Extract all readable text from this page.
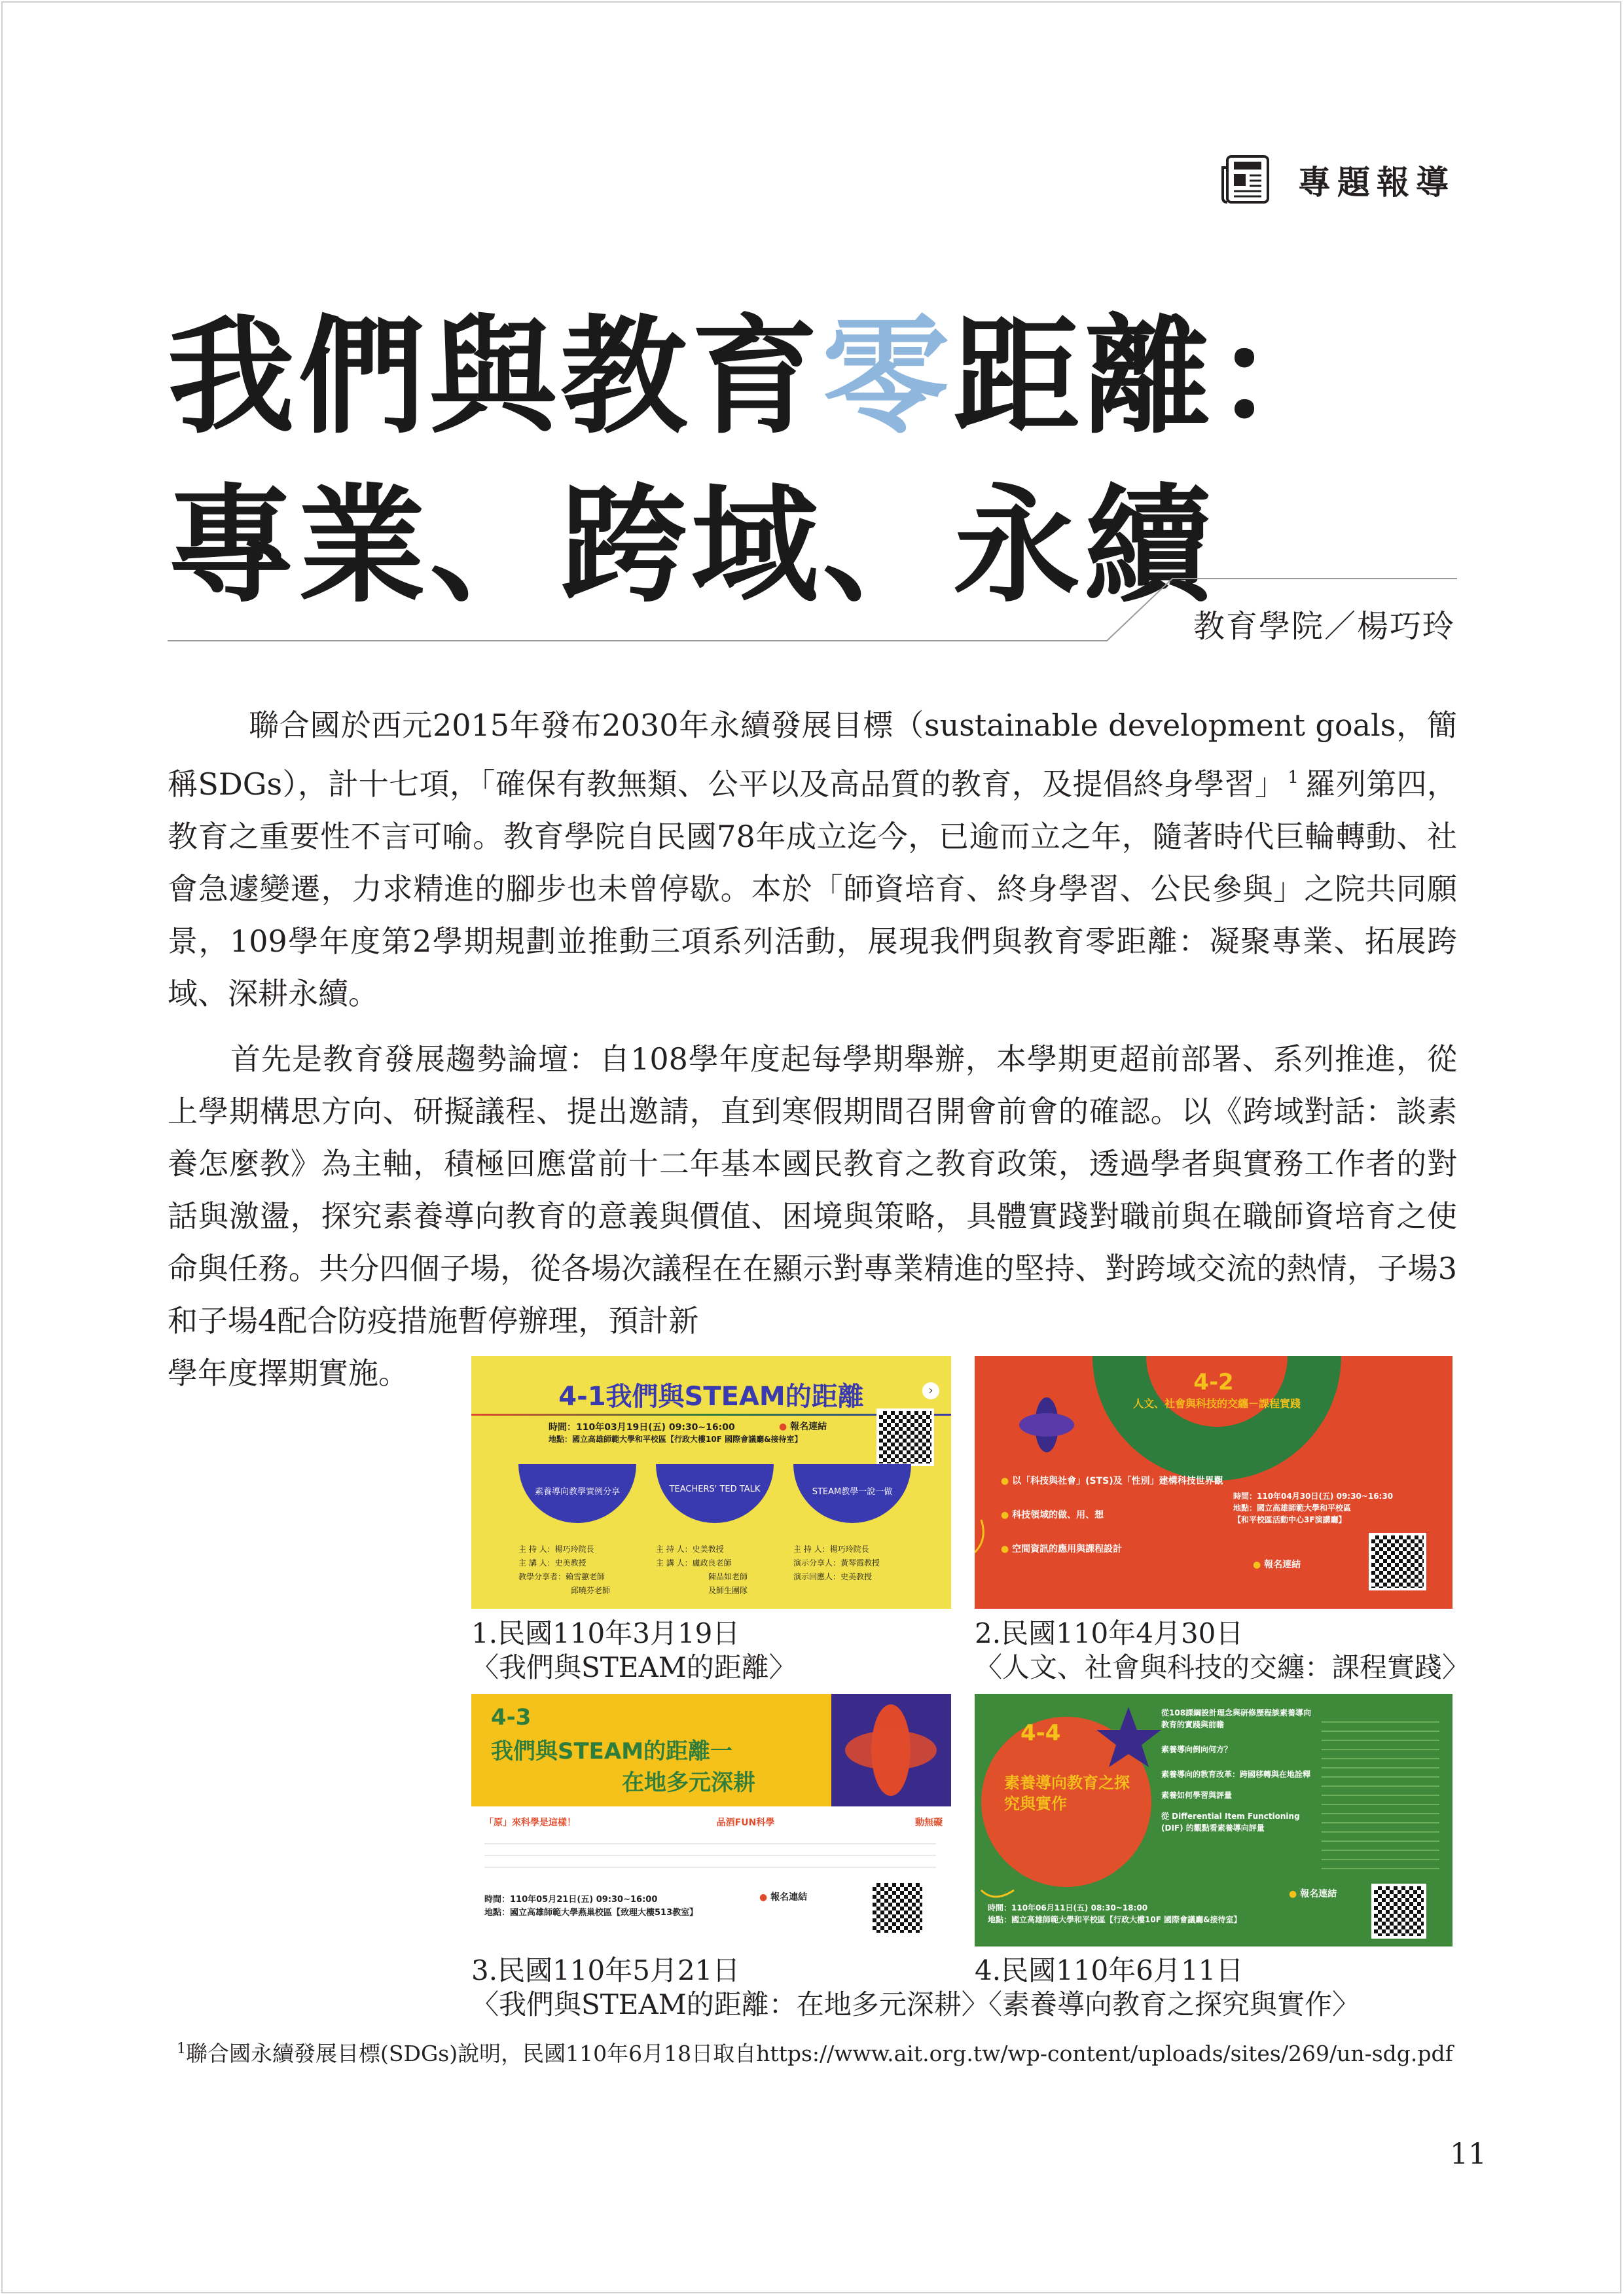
專題報導
我們與教育零距離：
專業、跨域、永續
教育學院／楊巧玲

聯合國於西元2015年發布2030年永續發展目標（sustainable development goals，簡稱SDGs），計十七項，「確保有教無類、公平以及高品質的教育，及提倡終身學習」 $^1$ 羅列第四，教育之重要性不言可喻。教育學院自民國78年成立迄今，已逾而立之年，隨著時代巨輪轉動、社會急遽變遷，力求精進的腳步也未曾停歇。本於「師資培育、終身學習、公民參與」之院共同願景，109學年度第2學期規劃並推動三項系列活動，展現我們與教育零距離：凝聚專業、拓展跨域、深耕永續。

首先是教育發展趨勢論壇：自108學年度起每學期舉辦，本學期更超前部署、系列推進，從上學期構思方向、研擬議程、提出邀請，直到寒假期間召開會前會的確認。以《跨域對話：談素養怎麼教》為主軸，積極回應當前十二年基本國民教育之教育政策，透過學者與實務工作者的對話與激盪，探究素養導向教育的意義與價值、困境與策略，具體實踐對職前與在職師資培育之使命與任務。共分四個子場，從各場次議程在在顯示對專業精進的堅持、對跨域交流的熱情，子場3和子場4配合防疫措施暫停辦理，預計新

學年度擇期實施。

4-1我們與STEAM的距離	›
時間：110年03月19日(五) 09:30~16:00
地點：國立高雄師範大學和平校區【行政大樓10F 國際會議廳&接待室】
● 報名連結
素養導向教學實例分享	TEACHERS' TED TALK	STEAM教學一說一做
主 持 人：楊巧玲院長
主 講 人：史美教授
教學分享者：賴雪蕙老師
邱曉芬老師
主 持 人：史美教授
主 講 人：盧政良老師
陳品如老師
及師生團隊
主 持 人：楊巧玲院長
演示分享人：黃琴霞教授
演示回應人：史美教授
1.民國110年3月19日
〈我們與STEAM的距離〉
4-2
人文、社會與科技的交纏－課程實踐
● 以「科技與社會」(STS)及「性別」建構科技世界觀
● 科技領域的做、用、想
● 空間資訊的應用與課程設計
時間：110年04月30日(五) 09:30~16:30
地點：國立高雄師範大學和平校區
【和平校區活動中心3F演講廳】
● 報名連結
2.民國110年4月30日
〈人文、社會與科技的交纏：課程實踐〉
4-3
我們與STEAM的距離一
在地多元深耕
「原」來科學是這樣！	品酒FUN科學	動無礙
時間：110年05月21日(五) 09:30~16:00
地點：國立高雄師範大學燕巢校區【致理大樓513教室】
● 報名連結
3.民國110年5月21日
〈我們與STEAM的距離：在地多元深耕〉
4-4
素養導向教育之探究與實作
從108課綱設計理念與研修歷程談素養導向教育的實踐與前瞻
素養導向倒向何方？
素養導向的教育改革：跨國移轉與在地詮釋
素養如何學習與評量
從 Differential Item Functioning (DIF) 的觀點看素養導向評量
時間：110年06月11日(五) 08:30~18:00
地點：國立高雄師範大學和平校區【行政大樓10F 國際會議廳&接待室】
● 報名連結
4.民國110年6月11日
〈素養導向教育之探究與實作〉
$^1$聯合國永續發展目標(SDGs)說明，民國110年6月18日取自https://www.ait.org.tw/wp-content/uploads/sites/269/un-sdg.pdf
11
